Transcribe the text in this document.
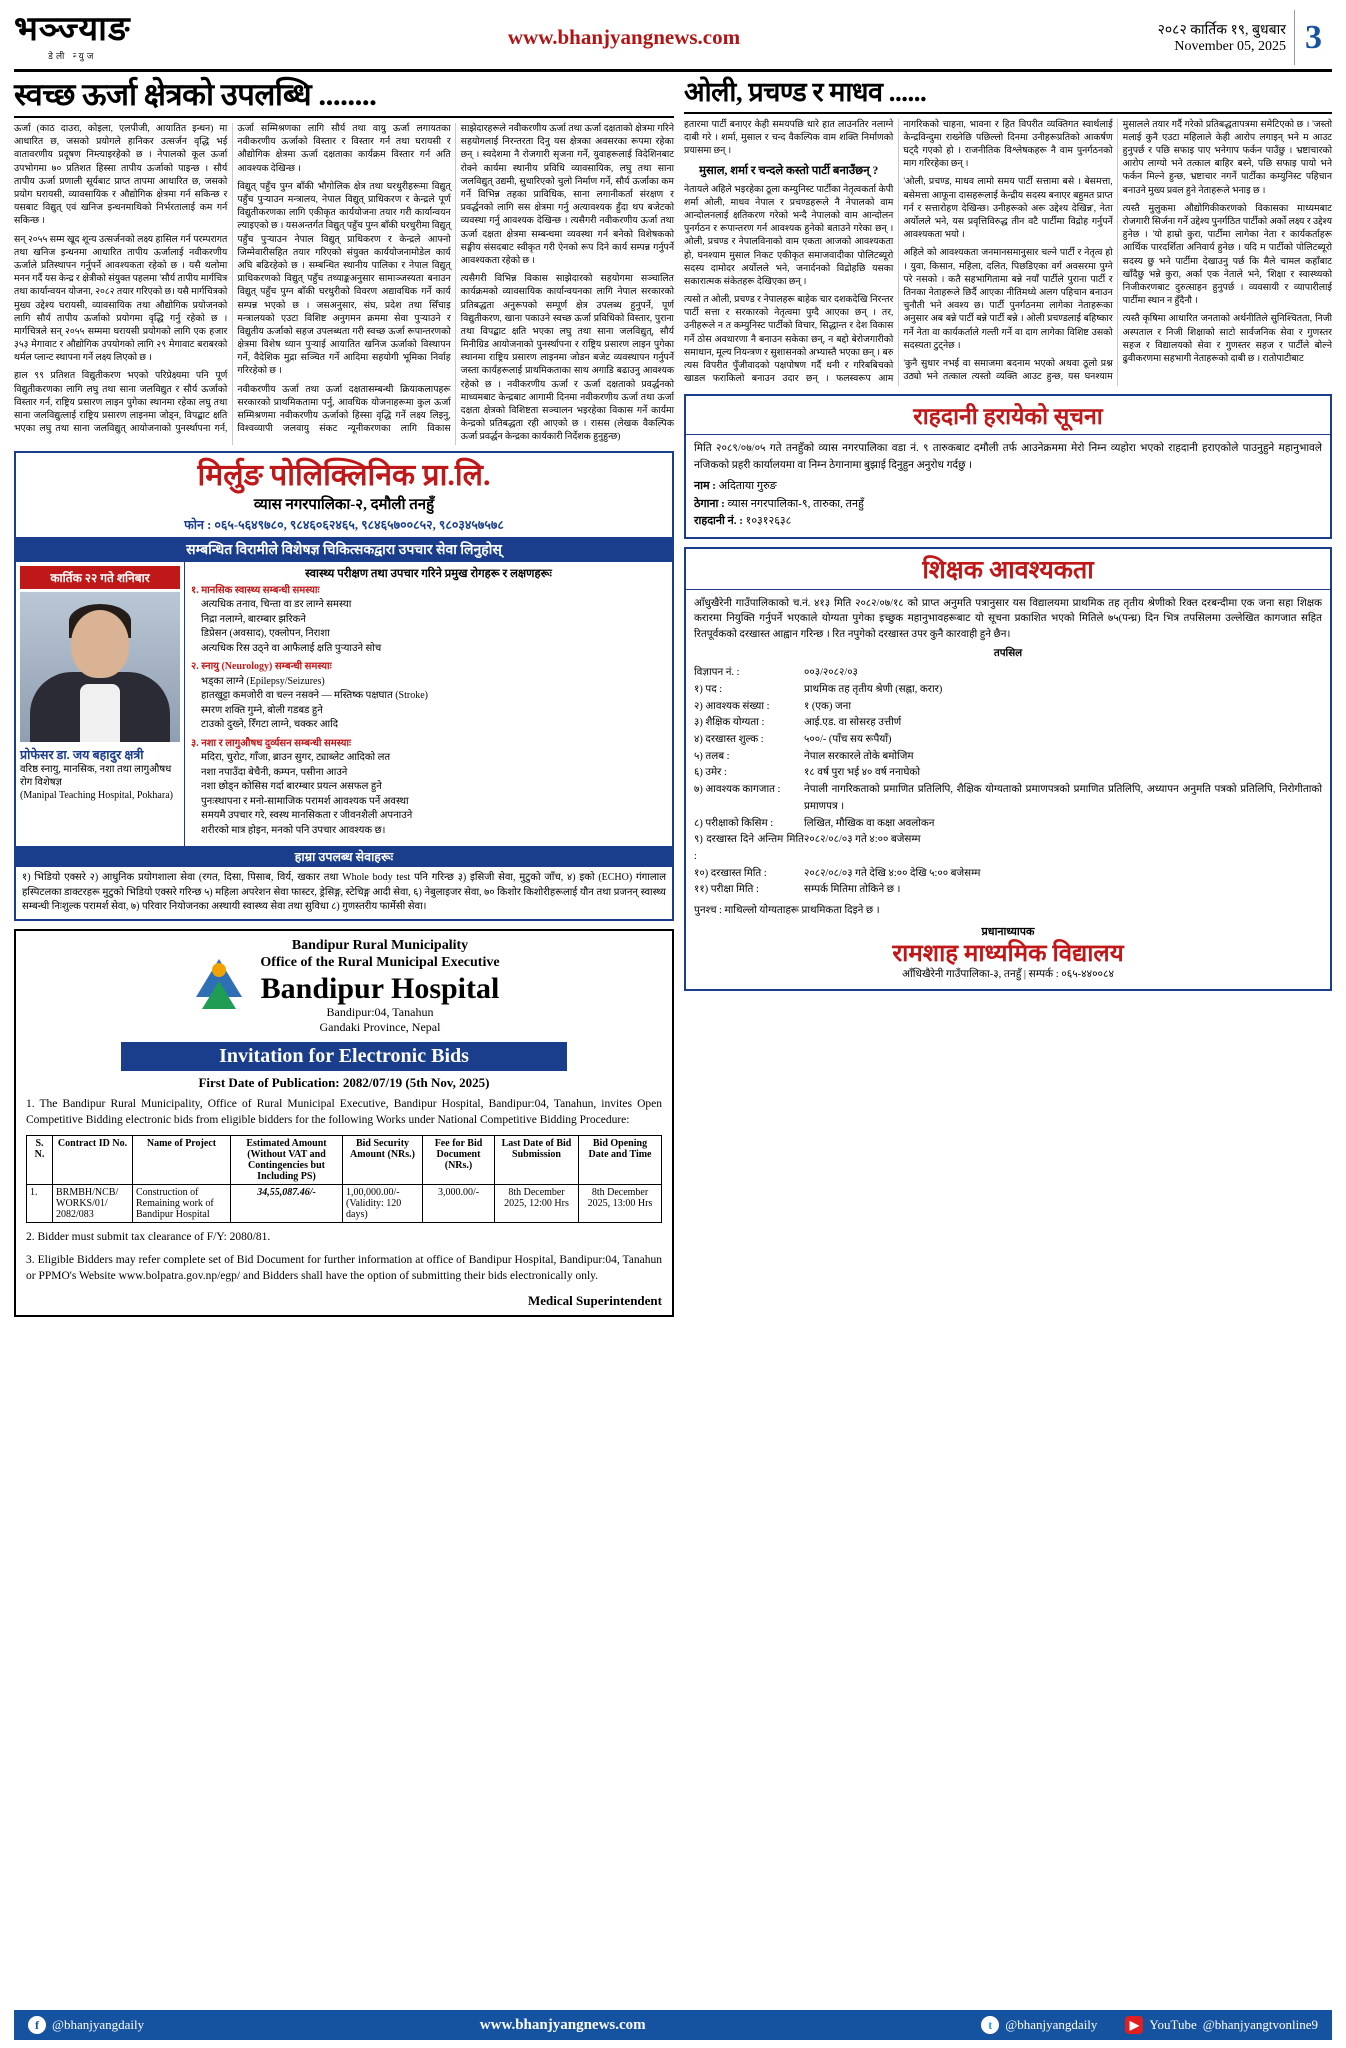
भञ्ज्याङ
डेली न्युज
www.bhanjyangnews.com	२०८२ कार्तिक १९, बुधबार
November 05, 2025 3
स्वच्छ ऊर्जा क्षेत्रको उपलब्धि ........

ऊर्जा (काठ दाउरा, कोइला, एलपीजी, आयातित इन्धन) मा आधारित छ, जसको प्रयोगले हानिकर उत्सर्जन वृद्धि भई वातावरणीय प्रदूषण निम्त्याइरहेको छ । नेपालको कूल ऊर्जा उपभोगमा ७० प्रतिशत हिस्सा तापीय ऊर्जाको पाइन्छ । सौर्य तापीय ऊर्जा प्रणाली सूर्यबाट प्राप्त तापमा आधारित छ, जसको प्रयोग घरायसी, व्यावसायिक र औद्योगिक क्षेत्रमा गर्न सकिन्छ र यसबाट विद्युत् एवं खनिज इन्धनमाथिको निर्भरतालाई कम गर्न सकिन्छ ।

सन् २०५५ सम्म खूद शून्य उत्सर्जनको लक्ष्य हासिल गर्न परम्परागत तथा खनिज इन्धनमा आधारित तापीय ऊर्जालाई नवीकरणीय ऊर्जाले प्रतिस्थापन गर्नुपर्ने आवश्यकता रहेको छ । यसै थलोमा मनन गर्दै यस केन्द्र र क्षेत्रीको संयुक्त पहलमा 'सौर्य तापीय मार्गचित्र तथा कार्यान्वयन योजना, २०८२ तयार गरिएको छ। यसै मार्गचित्रको मुख्य उद्देश्य घरायसी, व्यावसायिक तथा औद्योगिक प्रयोजनको लागि सौर्य तापीय ऊर्जाको प्रयोगमा वृद्धि गर्नु रहेको छ । मार्गचित्रले सन् २०५५ सम्ममा घरायसी प्रयोगको लागि एक हजार ३५३ मेगावाट र औद्योगिक उपयोगको लागि २९ मेगावाट बराबरको थर्मल प्लान्ट स्थापना गर्ने लक्ष्य लिएको छ ।

हाल ९९ प्रतिशत विद्युतीकरण भएको परिप्रेक्ष्यमा पनि पूर्ण विद्युतीकरणका लागि लघु तथा साना जलविद्युत र सौर्य ऊर्जाको विस्तार गर्न, राष्ट्रिय प्रसारण लाइन पुगेका स्थानमा रहेका लघु तथा साना जलविद्युत्लाई राष्ट्रिय प्रसारण लाइनमा जोड्न, विपद्बाट क्षति भएका लघु तथा साना जलविद्युत् आयोजनाको पुनर्स्थापना गर्न, ऊर्जा सम्मिश्रणका लागि सौर्य तथा वायु ऊर्जा लगायतका नवीकरणीय ऊर्जाको विस्तार र विस्तार गर्न तथा घरायसी र औद्योगिक क्षेत्रमा ऊर्जा दक्षताका कार्यक्रम विस्तार गर्न अति आवश्यक देखिन्छ ।

विद्युत् पहुँच पुग्न बाँकी भौगोलिक क्षेत्र तथा घरधुरीहरूमा विद्युत् पहुँच पुऱ्याउन मन्त्रालय, नेपाल विद्युत् प्राधिकरण र केन्द्रले पूर्ण विद्युतीकरणका लागि एकीकृत कार्ययोजना तयार गरी कार्यान्वयन ल्याइएको छ । यसअन्तर्गत विद्युत् पहुँच पुग्न बाँकी घरधुरीमा विद्युत् पहुँच पुऱ्याउन नेपाल विद्युत् प्राधिकरण र केन्द्रले आफ्नो जिम्मेवारीसहित तयार गरिएको संयुक्त कार्ययोजनामोडेल कार्य अघि बढिरहेको छ । सम्बन्धित स्थानीय पालिका र नेपाल विद्युत् प्राधिकरणको विद्युत् पहुँच तथ्याङ्कअनुसार सामाञ्जस्यता बनाउन विद्युत् पहुँच पुग्न बाँकी घरधुरीको विवरण अद्यावधिक गर्ने कार्य सम्पन्न भएको छ । जसअनुसार, संघ, प्रदेश तथा सिँचाइ मन्त्रालयको एउटा विशिष्ट अनुगमन क्रममा सेवा पुऱ्याउने र विद्युतीय ऊर्जाको सहज उपलब्धता गरी स्वच्छ ऊर्जा रूपान्तरणको क्षेत्रमा विशेष ध्यान पुर्‍याई आयातित खनिज ऊर्जाको विस्थापन गर्ने, वैदेशिक मुद्रा सञ्चित गर्ने आदिमा सहयोगी भूमिका निर्वाह गरिरहेको छ ।

नवीकरणीय ऊर्जा तथा ऊर्जा दक्षतासम्बन्धी क्रियाकलापहरू सरकारको प्राथमिकतामा पर्नु, आवधिक योजनाहरूमा कुल ऊर्जा सम्मिश्रणमा नवीकरणीय ऊर्जाको हिस्सा वृद्धि गर्ने लक्ष्य लिइनु, विश्वव्यापी जलवायु संकट न्यूनीकरणका लागि विकास साझेदारहरूले नवीकरणीय ऊर्जा तथा ऊर्जा दक्षताको क्षेत्रमा गरिने सहयोगलाई निरन्तरता दिनु यस क्षेत्रका अवसरका रूपमा रहेका छन् । स्वदेशमा नै रोजगारी सृजना गर्ने, युवाहरूलाई विदेशिनबाट रोक्ने कार्यमा स्थानीय प्रविधि व्यावसायिक, लघु तथा साना जलविद्युत् उद्यमी, सुधारिएको चुलो निर्माण गर्ने, सौर्य ऊर्जाका कम गर्ने विभिन्न तहका प्राविधिक, साना लगानीकर्ता संरक्षण र प्रवर्द्धनको लागि सस क्षेत्रमा गर्नु अत्यावश्यक हुँदा थप बजेटको व्यवस्था गर्नु आवश्यक देखिन्छ । त्यसैगरी नवीकरणीय ऊर्जा तथा ऊर्जा दक्षता क्षेत्रमा सम्बन्धमा व्यवस्था गर्न बनेको विशेषकको सङ्घीय संसदबाट स्वीकृत गरी ऐनको रूप दिने कार्य सम्पन्न गर्नुपर्ने आवश्यकता रहेको छ ।

त्यसैगरी विभिन्न विकास साझेदारको सहयोगमा सञ्चालित कार्यक्रमको व्यावसायिक कार्यान्वयनका लागि नेपाल सरकारको प्रतिबद्धता अनुरूपको सम्पूर्ण क्षेत्र उपलब्ध हुनुपर्ने, पूर्ण विद्युतीकरण, खाना पकाउने स्वच्छ ऊर्जा प्रविधिको विस्तार, पुराना तथा विपद्बाट क्षति भएका लघु तथा साना जलविद्युत्, सौर्य मिनीग्रिड आयोजनाको पुनर्स्थापना र राष्ट्रिय प्रसारण लाइन पुगेका स्थानमा राष्ट्रिय प्रसारण लाइनमा जोडन बजेट व्यवस्थापन गर्नुपर्ने जस्ता कार्यहरूलाई प्राथमिकताका साथ अगाडि बढाउनु आवश्यक रहेको छ । नवीकरणीय ऊर्जा र ऊर्जा दक्षताको प्रवर्द्धनको माध्यमबाट केन्द्रबाट आगामी दिनमा नवीकरणीय ऊर्जा तथा ऊर्जा दक्षता क्षेत्रको विशिष्टता सञ्चालन भइरहेका विकास गर्ने कार्यमा केन्द्रको प्रतिबद्धता रही आएको छ । रासस (लेखक वैकल्पिक ऊर्जा प्रवर्द्धन केन्द्रका कार्यकारी निर्देशक हुनुहुन्छ)

मिर्लुङ पोलिक्लिनिक प्रा.लि.
व्यास नगरपालिका-२, दमौली तनहुँ
फोन : ०६५-५६४९७८०, ९८४६०६२४६५, ९८४६५७००८५२, ९८०३४५७५७८
सम्बन्धित विरामीले विशेषज्ञ चिकित्सकद्वारा उपचार सेवा लिनुहोस्
कार्तिक २२ गते शनिबार
प्रोफेसर डा. जय बहादुर क्षत्री
वरिष्ठ स्नायु, मानसिक, नशा तथा लागुऔषध रोग विशेषज्ञ
(Manipal Teaching Hospital, Pokhara)
स्वास्थ्य परीक्षण तथा उपचार गरिने प्रमुख रोगहरू र लक्षणहरूः
१. मानसिक स्वास्थ्य सम्बन्धी समस्याः
अत्यधिक तनाव, चिन्ता वा डर लाग्ने समस्या
निद्रा नलाग्ने, बारम्बार झरिकने
डिप्रेसन (अवसाद), एक्लोपन, निराशा
अत्यधिक रिस उठ्ने वा आफैलाई क्षति पुऱ्याउने सोच
२. स्नायु (Neurology) सम्बन्धी समस्याः
भड्का लाग्ने (Epilepsy/Seizures)
हातखुट्टा कमजोरी वा चल्न नसक्ने — मस्तिष्क पक्षघात (Stroke)
स्मरण शक्ति गुम्ने, बोली गडबड हुने
टाउको दुख्ने, रिँगटा लाग्ने, चक्कर आदि
३. नशा र लागुऔषध दुर्व्यसन सम्बन्धी समस्याः
मदिरा, चुरोट, गाँजा, ब्राउन सुगर, ट्याब्लेट आदिको लत
नशा नपाउँदा बेचैनी, कम्पन, पसीना आउने
नशा छोड्न कोसिस गर्दा बारम्बार प्रयत्न असफल हुने
पुनःस्थापना र मनो-सामाजिक परामर्श आवश्यक पर्ने अवस्था
समयमै उपचार गरे, स्वस्थ मानसिकता र जीवनशैली अपनाउने
शरीरको मात्र होइन, मनको पनि उपचार आवश्यक छ।
हाम्रा उपलब्ध सेवाहरूः
१) भिडियो एक्सरे २) आधुनिक प्रयोगशाला सेवा (रगत, दिसा, पिसाब, विर्य, खकार तथा Whole body test पनि गरिन्छ ३) इसिजी सेवा, मुटुको जाँच, ४) इको (ECHO) गंगालाल हस्पिटलका डाक्टरहरू मुटुको भिडियो एक्सरे गरिन्छ ५) महिला अपरेशन सेवा फास्टर, ड्रेसिङ्ग, स्टेचिङ्ग आदी सेवा, ६) नेबुलाइजर सेवा, ७० किशोर किशोरीहरूलाई यौन तथा प्रजनन् स्वास्थ्य सम्बन्धी निःशुल्क परामर्श सेवा, ७) परिवार नियोजनका अस्थायी स्वास्थ्य सेवा तथा सुविधा ८) गुणस्तरीय फार्मेसी सेवा।
Bandipur Rural Municipality
Office of the Rural Municipal Executive
Bandipur Hospital
Bandipur:04, Tanahun
Gandaki Province, Nepal
Invitation for Electronic Bids
First Date of Publication: 2082/07/19 (5th Nov, 2025)

1. The Bandipur Rural Municipality, Office of Rural Municipal Executive, Bandipur Hospital, Bandipur:04, Tanahun, invites Open Competitive Bidding electronic bids from eligible bidders for the following Works under National Competitive Bidding Procedure:

S. N.	Contract ID No.	Name of Project	Estimated Amount (Without VAT and Contingencies but Including PS)	Bid Security Amount (NRs.)	Fee for Bid Document (NRs.)	Last Date of Bid Submission	Bid Opening Date and Time
1.	BRMBH/NCB/ WORKS/01/ 2082/083	Construction of Remaining work of Bandipur Hospital	34,55,087.46/-	1,00,000.00/- (Validity: 120 days)	3,000.00/-	8th December 2025, 12:00 Hrs	8th December 2025, 13:00 Hrs

2. Bidder must submit tax clearance of F/Y: 2080/81.

3. Eligible Bidders may refer complete set of Bid Document for further information at office of Bandipur Hospital, Bandipur:04, Tanahun or PPMO's Website www.bolpatra.gov.np/egp/ and Bidders shall have the option of submitting their bids electronically only.

Medical Superintendent
ओली, प्रचण्ड र माधव ......

हतारमा पार्टी बनाएर केही समयपछि धारे हात लाउनतिर नलाग्ने दाबी गरे । शर्मा, मुसाल र चन्द वैकल्पिक वाम शक्ति निर्माणको प्रयासमा छन् ।

मुसाल, शर्मा र चन्दले कस्तो पार्टी बनाउँछन् ?

नेतायले अहिले भइरहेका ठूला कम्युनिस्ट पार्टीका नेतृत्वकर्ता केपी शर्मा ओली, माधव नेपाल र प्रचण्डहरूले नै नेपालको वाम आन्दोलनलाई क्षतिकरण गरेको भन्दै नेपालको वाम आन्दोलन पुनर्गठन र रूपान्तरण गर्न आवश्यक हुनेको बताउने गरेका छन् । ओली, प्रचण्ड र नेपालविनाको वाम एकता आजको आवश्यकता हो, घनश्याम मुसाल निकट एकीकृत समाजवादीका पोलिटब्यूरो सदस्य दामोदर अर्याेलले भने, जनार्दनको विद्रोहछि यसका सकारात्मक संकेतहरू देखिएका छन् ।

त्यसो त ओली, प्रचण्ड र नेपालहरू बाहेक चार दशकदेखि निरन्तर पार्टी सत्ता र सरकारको नेतृत्वमा पुग्दै आएका छन् । तर, उनीहरूले न त कम्युनिस्ट पार्टीको विचार, सिद्धान्त र देश विकास गर्ने ठोस अवधारणा नै बनाउन सकेका छन्, न बद्दो बेरोजगारीको समाधान, मूल्य नियन्त्रण र सुशासनको अभ्यास्तै भएका छन् । बरु त्यस विपरीत पुँजीवादको पक्षपोषण गर्दै धनी र गरिबबिचको खाडल फराकिलो बनाउन उदार छन् । फलस्वरूप आम नागरिकको चाहना, भावना र हित विपरीत व्यक्तिगत स्वार्थलाई केन्द्रविन्दुमा राख्नेछि पछिल्लो दिनमा उनीहरूप्रतिको आकर्षण घट्दै गएको हो । राजनीतिक विश्लेषकहरू नै वाम पुनर्गठनको माग गरिरहेका छन् ।

'ओली, प्रचण्ड, माधव लामो समय पार्टी सत्तामा बसे । बेसमत्ता, बसेमत्ता आफूना दासहरूलाई केन्द्रीय सदस्य बनाएर बहुमत प्राप्त गर्न र सत्तारोहण देखिन्छ। उनीहरूको अरू उद्देश्य देखिन्न', नेता अर्याेलले भने, यस प्रवृत्तिविरुद्ध तीन वटै पार्टीमा विद्रोह गर्नुपर्ने आवश्यकता भयो ।

अहिले को आवश्यकता जनमानसमानुसार चल्ने पार्टी र नेतृत्व हो । युवा, किसान, महिला, दलित, पिछडिएका वर्ग अवसरमा पुग्ने परे नसकाे । कतै सहभागितामा बन्ने नयाँ पार्टीले पुराना पार्टी र तिनका नेताहरूले छिर्दै आएका नीतिमध्ये अलग पहिचान बनाउन चुनौती भने अवश्य छ। पार्टी पुनर्गठनमा लागेका नेताहरूका अनुसार अब बन्ने पार्टी बन्ने पार्टी बन्ने । ओली प्रचण्डलाई बहिष्कार गर्ने नेता वा कार्यकर्ताले गल्ती गर्ने वा दाग लागेका विशिष्ट उसको सदस्यता टुट्नेछ ।

'कुनै सुधार नभई वा समाजमा बदनाम भएको अथवा ठूलो प्रश्न उठ्यो भने तत्काल त्यस्तो व्यक्ति आउट हुन्छ, यस घनश्याम मुसालले तयार गर्दै गरेको प्रतिबद्धतापत्रमा समेटिएको छ । 'जस्तो मलाई कुनै एउटा महिलाले केही आरोप लगाइन् भने म आउट हुनुपर्छ र पछि सफाइ पाए भनेगाप फर्कन पाउँछु । भ्रष्टाचारको आरोप लाग्यो भने तत्काल बाहिर बस्ने, पछि सफाइ पायो भने फर्कन मिल्ने हुन्छ, भ्रष्टाचार नगर्ने पार्टीका कम्युनिस्ट पहिचान बनाउने मुख्य प्रवल हुने नेताहरूले भनाइ छ ।

त्यस्तै मुलुकमा औद्योगिकीकरणको विकासका माध्यमबाट रोजगारी सिर्जना गर्ने उद्देश्य पुनर्गठित पार्टीको अर्को लक्ष्य र उद्देश्य हुनेछ । 'यो हाम्रो कुरा, पार्टीमा लागेका नेता र कार्यकर्ताहरू आर्थिक पारदर्शिता अनिवार्य हुनेछ । यदि म पार्टीको पोलिटब्यूरो सदस्य छु भने पार्टीमा देखाउनु पर्छ कि मैले चामल कहाँबाट खाँदैछु भन्ने कुरा, अर्का एक नेताले भने, 'शिक्षा र स्वास्थ्यको निजीकरणबाट दुरुत्साहन हुनुपर्छ । व्यवसायी र व्यापारीलाई पार्टीमा स्थान न हुँदैनौ ।

त्यस्तै कृषिमा आधारित जनताको अर्थनीतिले सुनिश्चितता, निजी अस्पताल र निजी शिक्षाको साटो सार्वजनिक सेवा र गुणस्तर सहज र विद्यालयको सेवा र गुणस्तर सहज र पार्टीले बोल्ने ढुवीकरणमा सहभागी नेताहरूको दाबी छ । रातोपाटीबाट

राहदानी हरायेको सूचना
मिति २०८९/०७/०५ गते तनहुँको व्यास नगरपालिका वडा नं. ९ तारुकबाट दमौली तर्फ आउनेक्रममा मेरो निम्न व्यहोरा भएको राहदानी हराएकोले पाउनुहुने महानुभावले नजिकको प्रहरी कार्यालयमा वा निम्न ठेगानामा बुझाई दिनुहुन अनुरोध गर्दछु ।
नाम : अदिताया गुरुङ
ठेगाना : व्यास नगरपालिका-९, तारुका, तनहुँ
राहदानी नं. : १०३१२६३८
शिक्षक आवश्यकता
आँधुखैरेनी गाउँपालिकाको च.नं. ४१३ मिति २०८२/०७/१८ को प्राप्त अनुमति पत्रानुसार यस विद्यालयमा प्राथमिक तह तृतीय श्रेणीको रिक्त दरबन्दीमा एक जना सहा शिक्षक करारमा नियुक्ति गर्नुपर्ने भएकाले योग्यता पुगेका इच्छुक महानुभावहरूबाट यो सूचना प्रकाशित भएको मितिले ७५(पन्ध्र) दिन भित्र तपसिलमा उल्लेखित कागजात सहित रितपूर्वकको दरखास्त आह्वान गरिन्छ । रित नपुगेको दरखास्त उपर कुनै कारवाही हुने छैन।
तपसिल
विज्ञापन नं. :	००३/२०८२/०३
१) पद :	प्राथमिक तह तृतीय श्रेणी (सह्ना, करार)
२) आवश्यक संख्या :	१ (एक) जना
३) शैक्षिक योग्यता :	आई.एड. वा सोसरह उत्तीर्ण
४) दरखास्त शुल्क :	५००/- (पाँच सय रूपैयाँ)
५) तलब :	नेपाल सरकारले तोके बमोजिम
६) उमेर :	१८ वर्ष पुरा भई ४० वर्ष ननाघेको
७) आवश्यक कागजात :	नेपाली नागरिकताको प्रमाणित प्रतिलिपि, शैक्षिक योग्यताको प्रमाणपत्रको प्रमाणित प्रतिलिपि, अध्यापन अनुमति पत्रको प्रतिलिपि, निरोगीताको प्रमाणपत्र ।
८) परीक्षाको किसिम :	लिखित, मौखिक वा कक्षा अवलोकन
९) दरखास्त दिने अन्तिम मिति :
२०८२/०८/०३ गते ४:०० बजेसम्म
१०) दरखास्त मिति :	२०८२/०८/०३ गते देखि ४:०० देखि ५:०० बजेसम्म
११) परीक्षा मिति :	सम्पर्क मितिमा तोकिने छ ।
पुनश्च : माथिल्लो योग्यताहरू प्राथमिकता दिइने छ ।
प्रधानाध्यापक
रामशाह माध्यमिक विद्यालय
आँधिखैरेनी गाउँपालिका-३, तनहुँ | सम्पर्क : ०६५-४४००८४
f	@bhanjyangdaily	www.bhanjyangnews.com	t	@bhanjyangdaily	▶ YouTube @bhanjyangtvonline9
